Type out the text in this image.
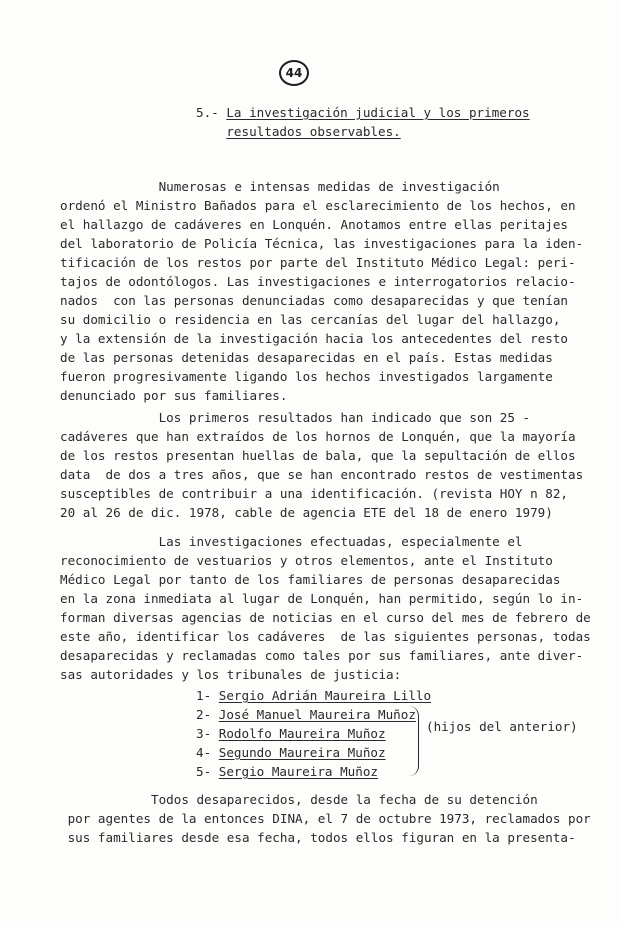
44
5.- La investigación judicial y los primeros
resultados observables.
Numerosas e intensas medidas de investigación
ordenó el Ministro Bañados para el esclarecimiento de los hechos, en
el hallazgo de cadáveres en Lonquén. Anotamos entre ellas peritajes
del laboratorio de Policía Técnica, las investigaciones para la iden-
tificación de los restos por parte del Instituto Médico Legal: peri-
tajos de odontólogos. Las investigaciones e interrogatorios relacio-
nados  con las personas denunciadas como desaparecidas y que tenían
su domicilio o residencia en las cercanías del lugar del hallazgo,
y la extensión de la investigación hacia los antecedentes del resto
de las personas detenidas desaparecidas en el país. Estas medidas
fueron progresivamente ligando los hechos investigados largamente
denunciado por sus familiares.
Los primeros resultados han indicado que son 25 -
cadáveres que han extraídos de los hornos de Lonquén, que la mayoría
de los restos presentan huellas de bala, que la sepultación de ellos
data  de dos a tres años, que se han encontrado restos de vestimentas
susceptibles de contribuir a una identificación. (revista HOY n 82,
20 al 26 de dic. 1978, cable de agencia ETE del 18 de enero 1979)
Las investigaciones efectuadas, especialmente el
reconocimiento de vestuarios y otros elementos, ante el Instituto
Médico Legal por tanto de los familiares de personas desaparecidas
en la zona inmediata al lugar de Lonquén, han permitido, según lo in-
forman diversas agencias de noticias en el curso del mes de febrero de
este año, identificar los cadáveres  de las siguientes personas, todas
desaparecidas y reclamadas como tales por sus familiares, ante diver-
sas autoridades y los tribunales de justicia:
1- Sergio Adrián Maureira Lillo
2- José Manuel Maureira Muñoz
3- Rodolfo Maureira Muñoz
4- Segundo Maureira Muñoz
5- Sergio Maureira Muñoz
(hijos del anterior)
Todos desaparecidos, desde la fecha de su detención
por agentes de la entonces DINA, el 7 de octubre 1973, reclamados por
sus familiares desde esa fecha, todos ellos figuran en la presenta-
